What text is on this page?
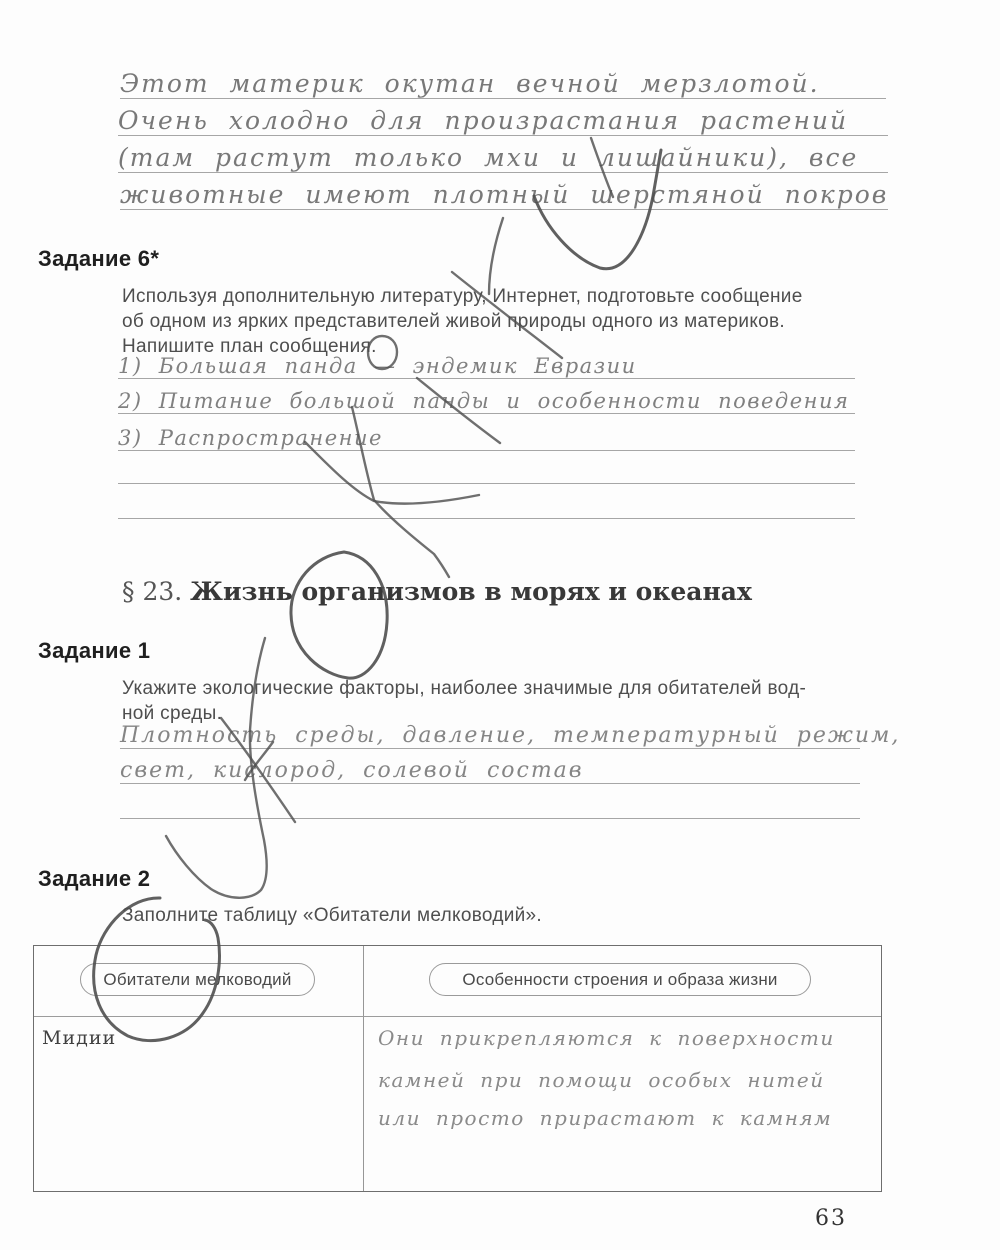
Этот материк окутан вечной мерзлотой.
Очень холодно для произрастания растений
(там растут только мхи и лишайники), все
животные имеют плотный шерстяной покров
Задание 6*
Используя дополнительную литературу, Интернет, подготовьте сообщение
об одном из ярких представителей живой природы одного из материков.
Напишите план сообщения.
1) Большая панда — эндемик Евразии
2) Питание большой панды и особенности поведения
3) Распространение
§ 23. Жизнь организмов в морях и океанах
Задание 1
Укажите экологические факторы, наиболее значимые для обитателей вод-
ной среды.
Плотность среды, давление, температурный режим,
свет, кислород, солевой состав
Задание 2
Заполните таблицу «Обитатели мелководий».
Обитатели мелководий	Особенности строения и образа жизни
Мидии	Они прикрепляются к поверхности
камней при помощи особых нитей
или просто прирастают к камням
63
